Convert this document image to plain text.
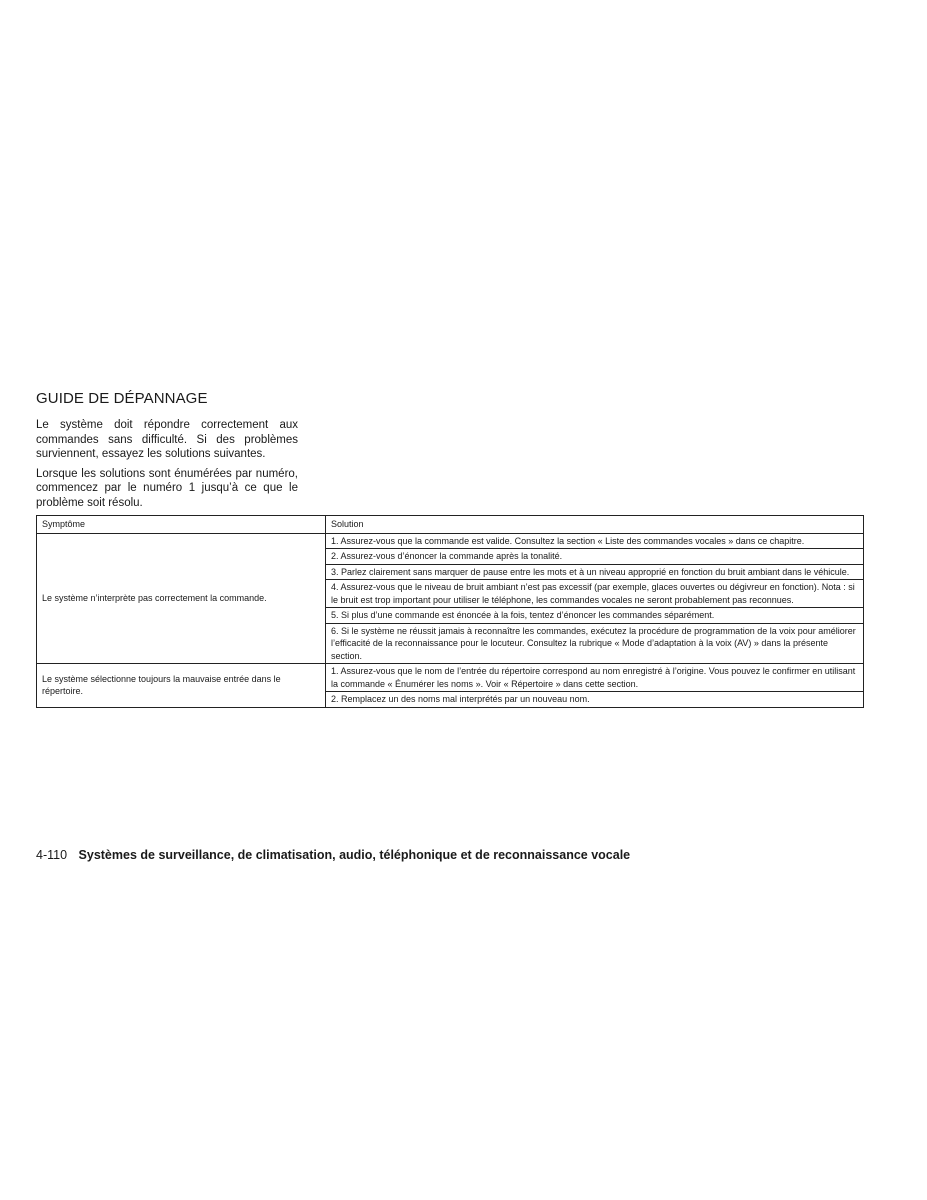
GUIDE DE DÉPANNAGE

Le système doit répondre correctement aux commandes sans difficulté. Si des problèmes surviennent, essayez les solutions suivantes.

Lorsque les solutions sont énumérées par numéro, commencez par le numéro 1 jusqu’à ce que le problème soit résolu.

Symptôme	Solution
Le système n’interprète pas correctement la commande.	1. Assurez-vous que la commande est valide. Consultez la section « Liste des commandes vocales » dans ce chapitre.
	2. Assurez-vous d’énoncer la commande après la tonalité.
	3. Parlez clairement sans marquer de pause entre les mots et à un niveau approprié en fonction du bruit ambiant dans le véhicule.
	4. Assurez-vous que le niveau de bruit ambiant n’est pas excessif (par exemple, glaces ouvertes ou dégivreur en fonction). Nota : si le bruit est trop important pour utiliser le téléphone, les commandes vocales ne seront probablement pas reconnues.
	5. Si plus d’une commande est énoncée à la fois, tentez d’énoncer les commandes séparément.
	6. Si le système ne réussit jamais à reconnaître les commandes, exécutez la procédure de programmation de la voix pour améliorer l’efficacité de la reconnaissance pour le locuteur. Consultez la rubrique « Mode d’adaptation à la voix (AV) » dans la présente section.
Le système sélectionne toujours la mauvaise entrée dans le répertoire.	1. Assurez-vous que le nom de l’entrée du répertoire correspond au nom enregistré à l’origine. Vous pouvez le confirmer en utilisant la commande « Énumérer les noms ». Voir « Répertoire » dans cette section.
	2. Remplacez un des noms mal interprétés par un nouveau nom.
4-110 Systèmes de surveillance, de climatisation, audio, téléphonique et de reconnaissance vocale
